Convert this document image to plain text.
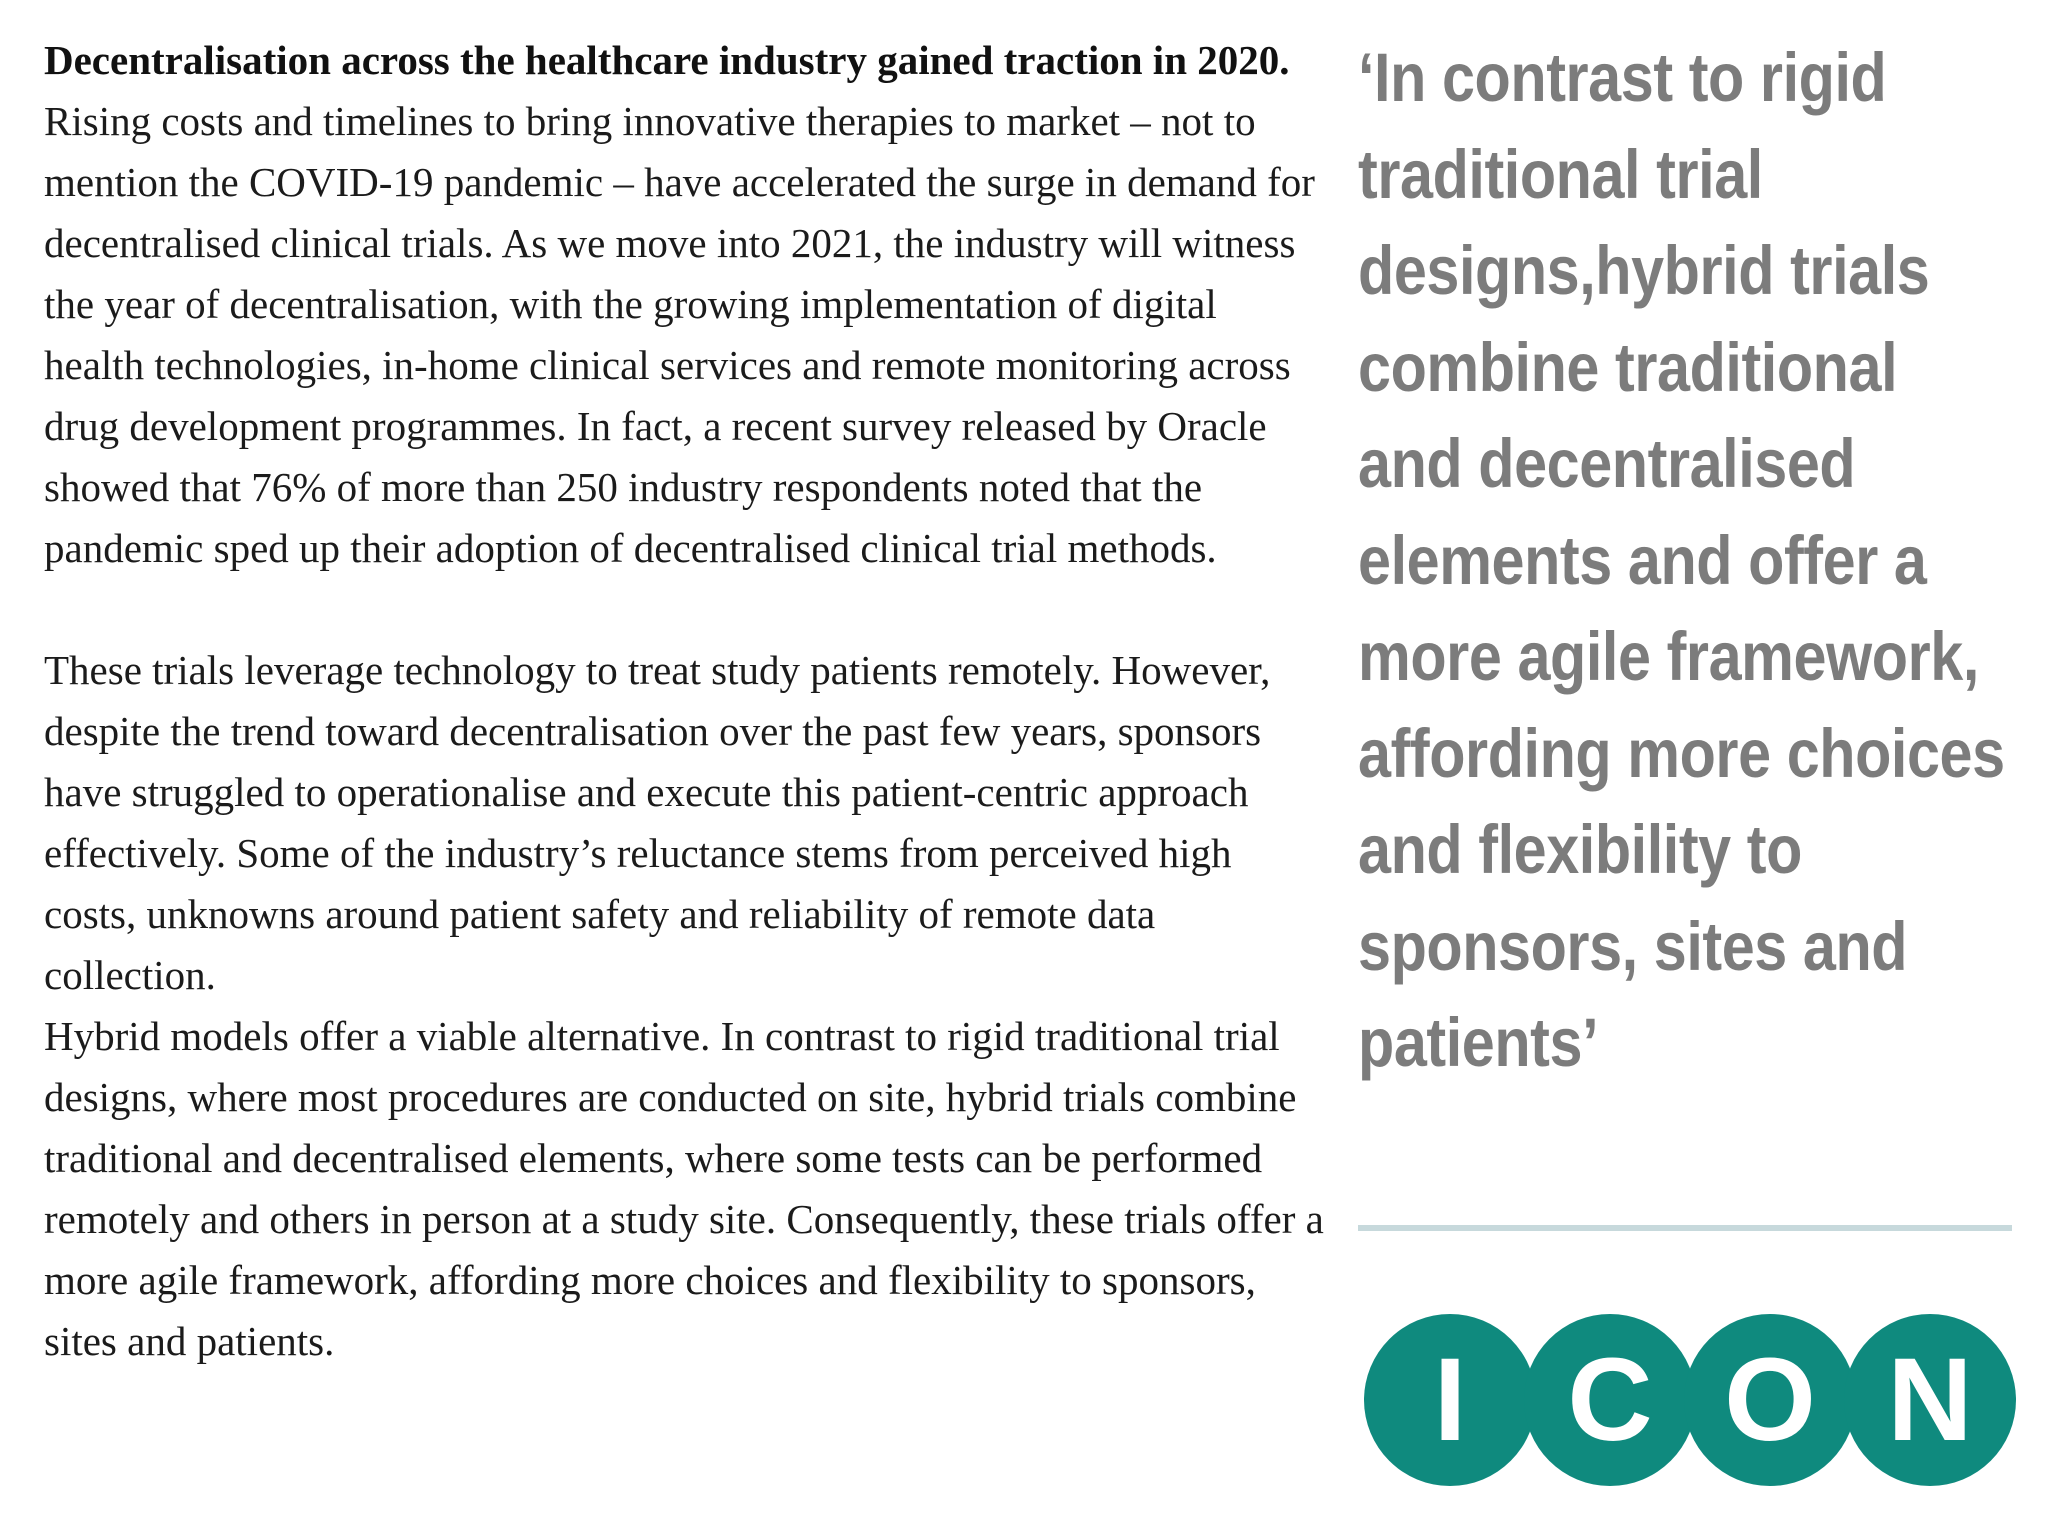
Decentralisation across the healthcare industry gained traction in 2020. Rising costs and timelines to bring innovative therapies to market – not to mention the COVID-19 pandemic – have accelerated the surge in demand for decentralised clinical trials. As we move into 2021, the industry will witness the year of decentralisation, with the growing implementation of digital health technologies, in-home clinical services and remote monitoring across drug development programmes. In fact, a recent survey released by Oracle showed that 76% of more than 250 industry respondents noted that the pandemic sped up their adoption of decentralised clinical trial methods.

These trials leverage technology to treat study patients remotely. However, despite the trend toward decentralisation over the past few years, sponsors have struggled to operationalise and execute this patient-centric approach effectively. Some of the industry’s reluctance stems from perceived high costs, unknowns around patient safety and reliability of remote data collection.

Hybrid models offer a viable alternative. In contrast to rigid traditional trial designs, where most procedures are conducted on site, hybrid trials combine traditional and decentralised elements, where some tests can be performed remotely and others in person at a study site. Consequently, these trials offer a more agile framework, affording more choices and flexibility to sponsors, sites and patients.

‘In contrast to rigid traditional trial designs,hybrid trials combine traditional and decentralised elements and offer a more agile framework, affording more choices and flexibility to sponsors, sites and patients’
I C O N
